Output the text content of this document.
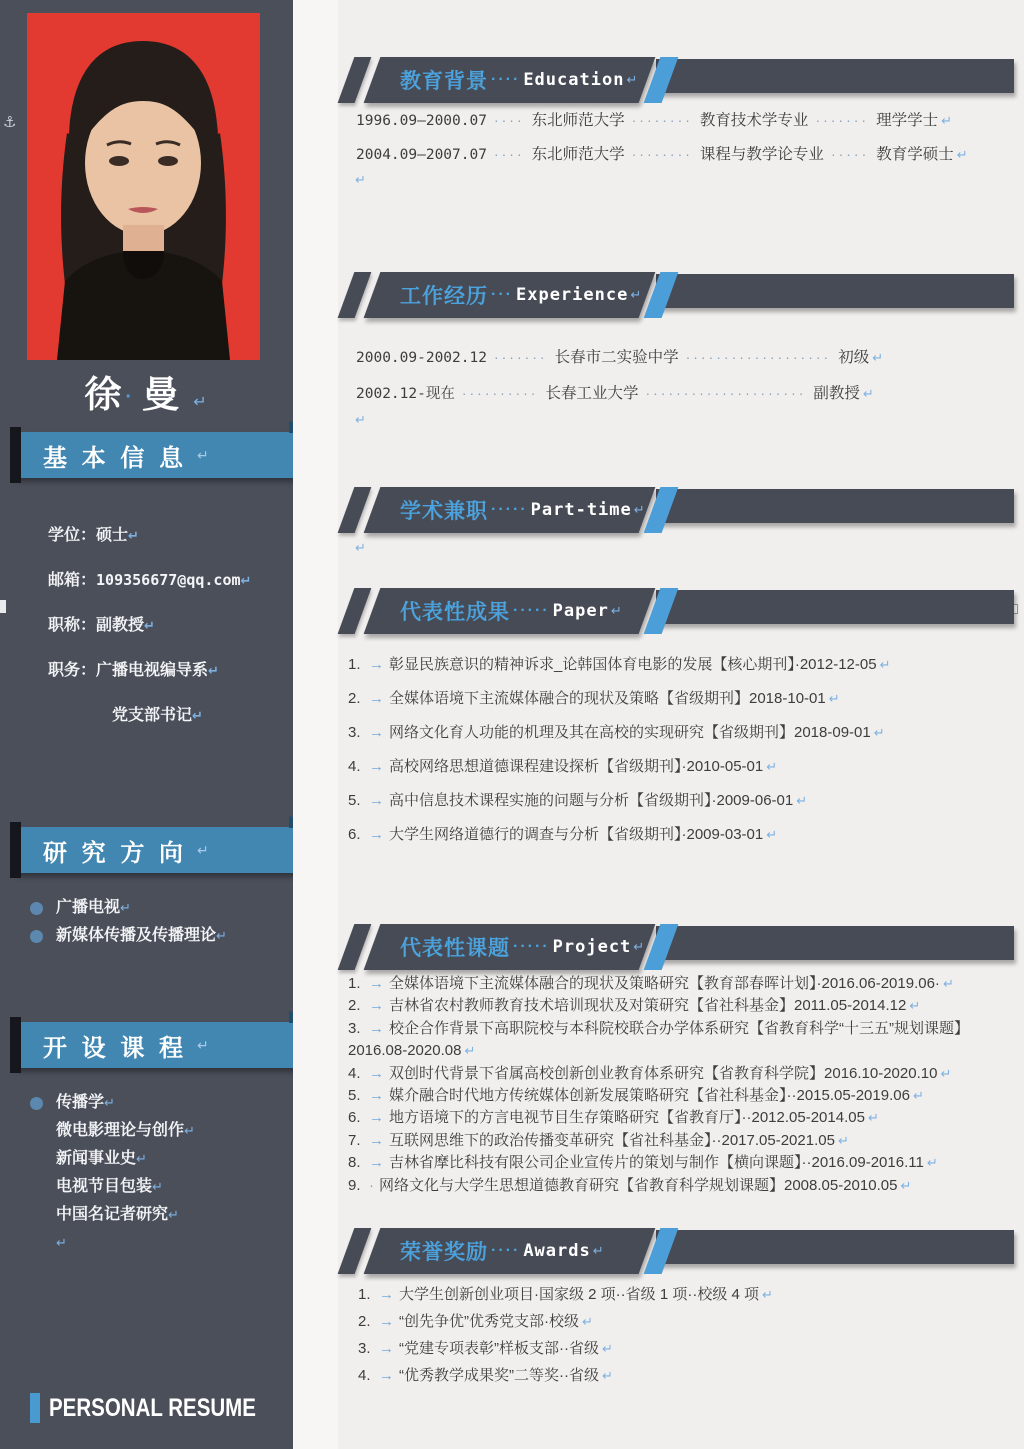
⚓
徐 · 曼 ↵
基 本 信 息 ↵
学位：硕士↵
邮箱：109356677@qq.com↵
职称：副教授↵
职务：广播电视编导系↵
党支部书记↵
研 究 方 向 ↵
广播电视↵
新媒体传播及传播理论↵
开 设 课 程 ↵
传播学↵
微电影理论与创作↵
新闻事业史↵
电视节目包装↵
中国名记者研究↵
↵
PERSONAL RESUME
教育背景 ···· Education ↵
1996.09—2000.07 ···· 东北师范大学 ········ 教育技术学专业 ······· 理学学士 ↵
2004.09—2007.07 ···· 东北师范大学 ········ 课程与教学论专业 ····· 教育学硕士 ↵
↵
工作经历 ··· Experience ↵
2000.09-2002.12 ······· 长春市二实验中学 ··················· 初级 ↵
2002.12-现在 ·········· 长春工业大学 ····················· 副教授 ↵
↵
学术兼职 ····· Part-time ↵
↵
代表性成果 ····· Paper ↵
1. → 彰显民族意识的精神诉求_论韩国体育电影的发展【核心期刊】·2012-12-05 ↵
2. → 全媒体语境下主流媒体融合的现状及策略【省级期刊】2018-10-01 ↵
3. → 网络文化育人功能的机理及其在高校的实现研究【省级期刊】2018-09-01 ↵
4. → 高校网络思想道德课程建设探析【省级期刊】·2010-05-01 ↵
5. → 高中信息技术课程实施的问题与分析【省级期刊】·2009-06-01 ↵
6. → 大学生网络道德行的调查与分析【省级期刊】·2009-03-01 ↵
代表性课题 ····· Project ↵
1. → 全媒体语境下主流媒体融合的现状及策略研究【教育部春晖计划】·2016.06-2019.06· ↵
2. → 吉林省农村教师教育技术培训现状及对策研究【省社科基金】2011.05-2014.12 ↵
3. → 校企合作背景下高职院校与本科院校联合办学体系研究【省教育科学“十三五”规划课题】2016.08-2020.08 ↵
4. → 双创时代背景下省属高校创新创业教育体系研究【省教育科学院】2016.10-2020.10 ↵
5. → 媒介融合时代地方传统媒体创新发展策略研究【省社科基金】··2015.05-2019.06 ↵
6. → 地方语境下的方言电视节目生存策略研究【省教育厅】··2012.05-2014.05 ↵
7. → 互联网思维下的政治传播变革研究【省社科基金】··2017.05-2021.05 ↵
8. → 吉林省摩比科技有限公司企业宣传片的策划与制作【横向课题】··2016.09-2016.11 ↵
9. · 网络文化与大学生思想道德教育研究【省教育科学规划课题】2008.05-2010.05 ↵
荣誉奖励 ···· Awards ↵
1. → 大学生创新创业项目·国家级 2 项··省级 1 项··校级 4 项 ↵
2. → “创先争优”优秀党支部·校级 ↵
3. → “党建专项表彰”样板支部··省级 ↵
4. → “优秀教学成果奖”二等奖··省级 ↵
